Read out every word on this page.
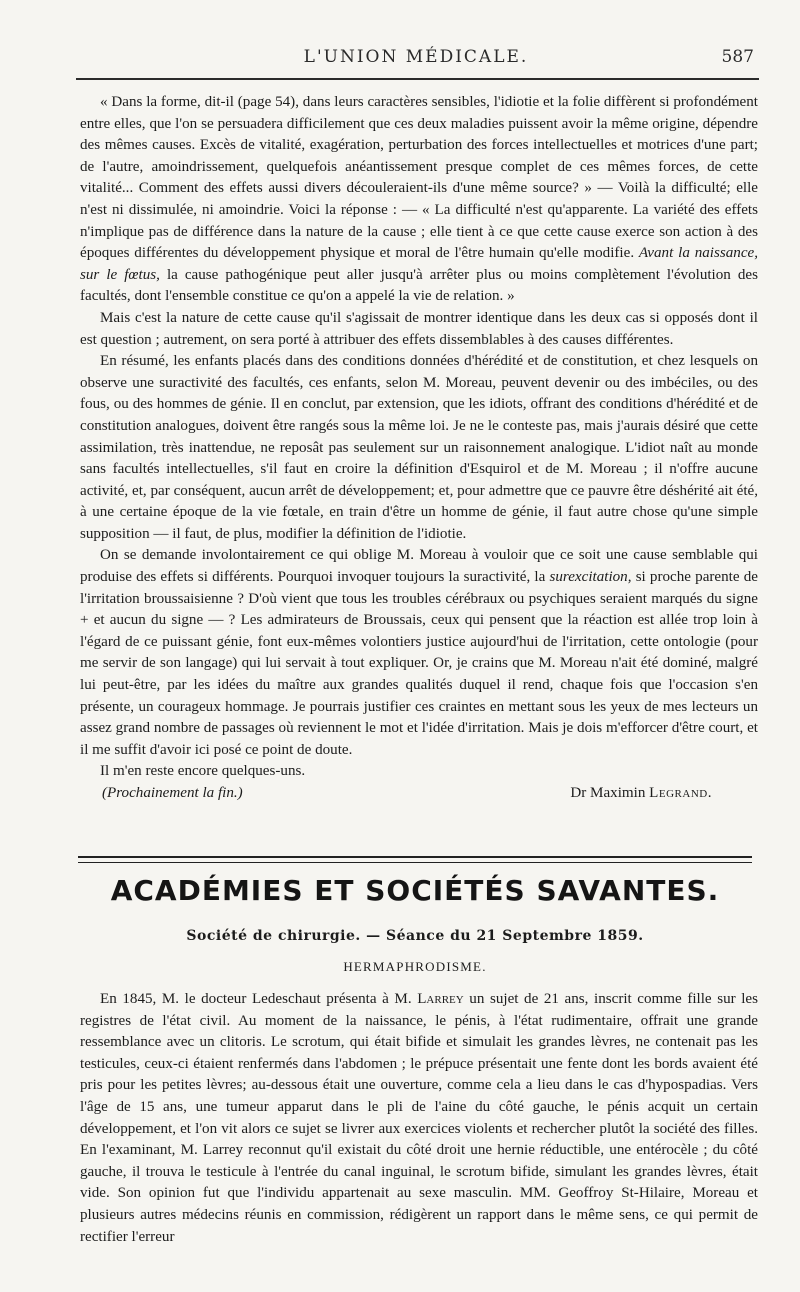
L'UNION MÉDICALE.	587

« Dans la forme, dit-il (page 54), dans leurs caractères sensibles, l'idiotie et la folie diffèrent si profondément entre elles, que l'on se persuadera difficilement que ces deux maladies puissent avoir la même origine, dépendre des mêmes causes. Excès de vitalité, exagération, perturbation des forces intellectuelles et motrices d'une part; de l'autre, amoindrissement, quelquefois anéantissement presque complet de ces mêmes forces, de cette vitalité... Comment des effets aussi divers découleraient-ils d'une même source? » — Voilà la difficulté; elle n'est ni dissimulée, ni amoindrie. Voici la réponse : — « La difficulté n'est qu'apparente. La variété des effets n'implique pas de différence dans la nature de la cause ; elle tient à ce que cette cause exerce son action à des époques différentes du développement physique et moral de l'être humain qu'elle modifie. Avant la naissance, sur le fœtus, la cause pathogénique peut aller jusqu'à arrêter plus ou moins complètement l'évolution des facultés, dont l'ensemble constitue ce qu'on a appelé la vie de relation. »

Mais c'est la nature de cette cause qu'il s'agissait de montrer identique dans les deux cas si opposés dont il est question ; autrement, on sera porté à attribuer des effets dissemblables à des causes différentes.

En résumé, les enfants placés dans des conditions données d'hérédité et de constitution, et chez lesquels on observe une suractivité des facultés, ces enfants, selon M. Moreau, peuvent devenir ou des imbéciles, ou des fous, ou des hommes de génie. Il en conclut, par extension, que les idiots, offrant des conditions d'hérédité et de constitution analogues, doivent être rangés sous la même loi. Je ne le conteste pas, mais j'aurais désiré que cette assimilation, très inattendue, ne reposât pas seulement sur un raisonnement analogique. L'idiot naît au monde sans facultés intellectuelles, s'il faut en croire la définition d'Esquirol et de M. Moreau ; il n'offre aucune activité, et, par conséquent, aucun arrêt de développement; et, pour admettre que ce pauvre être déshérité ait été, à une certaine époque de la vie fœtale, en train d'être un homme de génie, il faut autre chose qu'une simple supposition — il faut, de plus, modifier la définition de l'idiotie.

On se demande involontairement ce qui oblige M. Moreau à vouloir que ce soit une cause semblable qui produise des effets si différents. Pourquoi invoquer toujours la suractivité, la surexcitation, si proche parente de l'irritation broussaisienne ? D'où vient que tous les troubles cérébraux ou psychiques seraient marqués du signe + et aucun du signe — ? Les admirateurs de Broussais, ceux qui pensent que la réaction est allée trop loin à l'égard de ce puissant génie, font eux-mêmes volontiers justice aujourd'hui de l'irritation, cette ontologie (pour me servir de son langage) qui lui servait à tout expliquer. Or, je crains que M. Moreau n'ait été dominé, malgré lui peut-être, par les idées du maître aux grandes qualités duquel il rend, chaque fois que l'occasion s'en présente, un courageux hommage. Je pourrais justifier ces craintes en mettant sous les yeux de mes lecteurs un assez grand nombre de passages où reviennent le mot et l'idée d'irritation. Mais je dois m'efforcer d'être court, et il me suffit d'avoir ici posé ce point de doute.

Il m'en reste encore quelques-uns.

(Prochainement la fin.)	Dr Maximin Legrand.
ACADÉMIES ET SOCIÉTÉS SAVANTES.
Société de chirurgie. — Séance du 21 Septembre 1859.
HERMAPHRODISME.

En 1845, M. le docteur Ledeschaut présenta à M. Larrey un sujet de 21 ans, inscrit comme fille sur les registres de l'état civil. Au moment de la naissance, le pénis, à l'état rudimentaire, offrait une grande ressemblance avec un clitoris. Le scrotum, qui était bifide et simulait les grandes lèvres, ne contenait pas les testicules, ceux-ci étaient renfermés dans l'abdomen ; le prépuce présentait une fente dont les bords avaient été pris pour les petites lèvres; au-dessous était une ouverture, comme cela a lieu dans le cas d'hypospadias. Vers l'âge de 15 ans, une tumeur apparut dans le pli de l'aine du côté gauche, le pénis acquit un certain développement, et l'on vit alors ce sujet se livrer aux exercices violents et rechercher plutôt la société des filles. En l'examinant, M. Larrey reconnut qu'il existait du côté droit une hernie réductible, une entérocèle ; du côté gauche, il trouva le testicule à l'entrée du canal inguinal, le scrotum bifide, simulant les grandes lèvres, était vide. Son opinion fut que l'individu appartenait au sexe masculin. MM. Geoffroy St-Hilaire, Moreau et plusieurs autres médecins réunis en commission, rédigèrent un rapport dans le même sens, ce qui permit de rectifier l'erreur
